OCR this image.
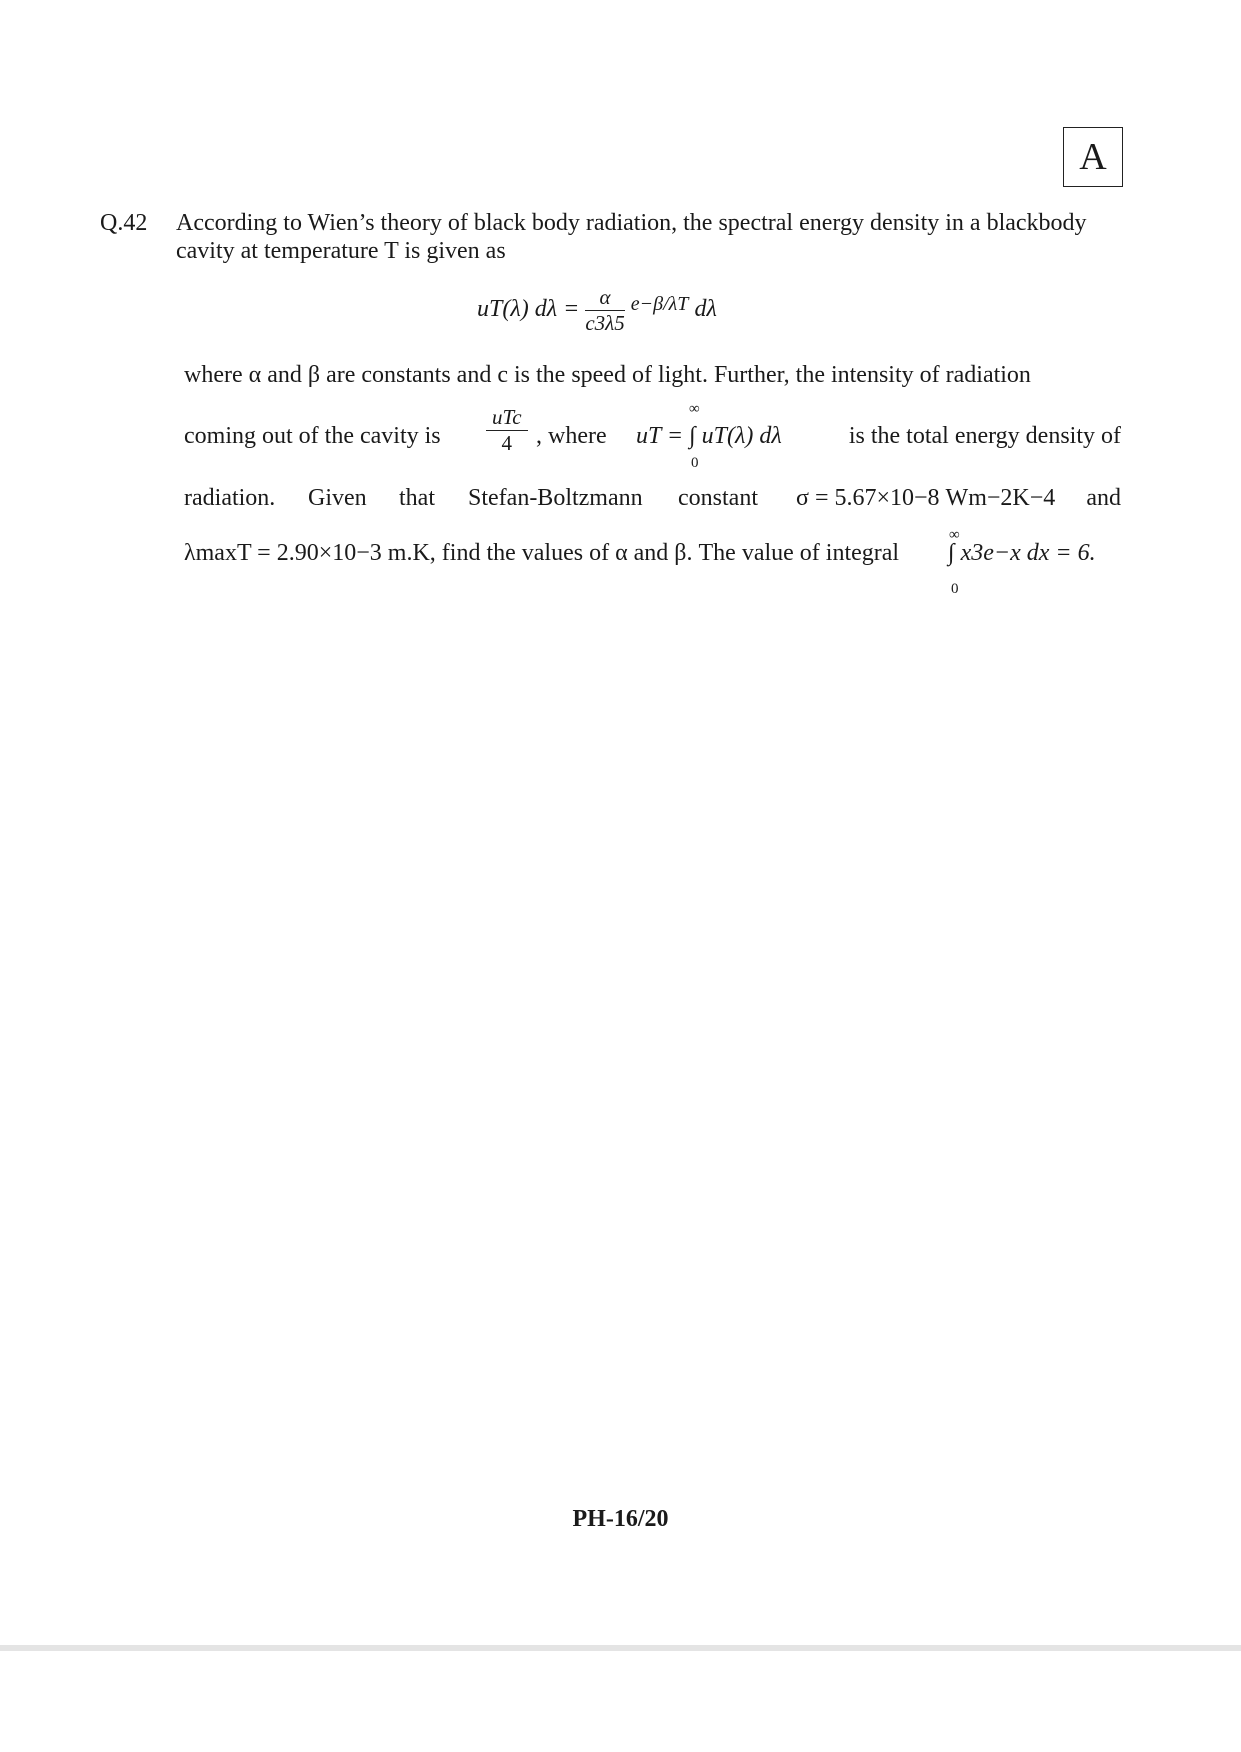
A
Q.42 According to Wien’s theory of black body radiation, the spectral energy density in a blackbody
cavity at temperature T is given as
uT(λ) $d\lambda = \frac{\alpha}{c3\lambda 5} ^{e-\beta/\lambda T}$ dλ
where α and β are constants and c is the speed of light. Further, the intensity of radiation
coming out of the cavity is
uTc
4 , where uT = ∫ uT(λ) dλ
∞
0
is the total energy density of
radiation. Given that Stefan-Boltzmann constant σ = 5.67×10−8 Wm−2K−4 and
λmaxT = 2.90×10−3 m.K, find the values of α and β. The value of integral ∫ x3e−x dx = 6.
∞
0
PH-16/20
